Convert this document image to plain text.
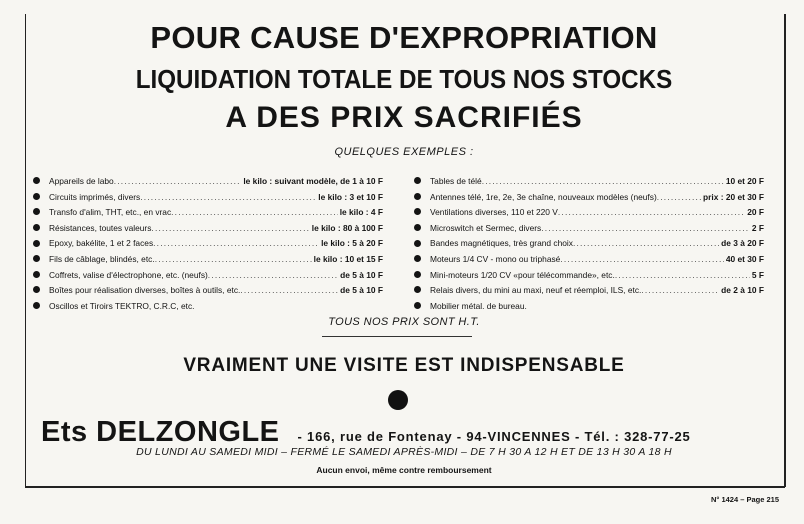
POUR CAUSE D'EXPROPRIATION
LIQUIDATION TOTALE DE TOUS NOS STOCKS
A DES PRIX SACRIFIÉS
QUELQUES EXEMPLES :
Appareils de labo .....	le kilo : suivant modèle, de 1 à 10 F
Circuits imprimés, divers .....	le kilo : 3 et 10 F
Transfo d'alim, THT, etc., en vrac .....	le kilo : 4 F
Résistances, toutes valeurs .....	le kilo : 80 à 100 F
Epoxy, bakélite, 1 et 2 faces .....	le kilo : 5 à 20 F
Fils de câblage, blindés, etc. .....	le kilo : 10 et 15 F
Coffrets, valise d'électrophone, etc. (neufs) .....	de 5 à 10 F
Boîtes pour réalisation diverses, boîtes à outils, etc. .....	de 5 à 10 F
Oscillos et Tiroirs TEKTRO, C.R.C, etc.
Tables de télé .....	10 et 20 F
Antennes télé, 1re, 2e, 3e chaîne, nouveaux modèles (neufs) .....	prix : 20 et 30 F
Ventilations diverses, 110 et 220 V .....	20 F
Microswitch et Sermec, divers .....	2 F
Bandes magnétiques, très grand choix .....	de 3 à 20 F
Moteurs 1/4 CV - mono ou triphasé .....	40 et 30 F
Mini-moteurs 1/20 CV «pour télécommande», etc. .....	5 F
Relais divers, du mini au maxi, neuf et réemploi, ILS, etc. .....	de 2 à 10 F
Mobilier métal. de bureau.
TOUS NOS PRIX SONT H.T.
VRAIMENT UNE VISITE EST INDISPENSABLE
Ets DELZONGLE - 166, rue de Fontenay - 94-VINCENNES - Tél. : 328-77-25
DU LUNDI AU SAMEDI MIDI – FERMÉ LE SAMEDI APRÈS-MIDI – DE 7 H 30 A 12 H ET DE 13 H 30 A 18 H
Aucun envoi, même contre remboursement
N° 1424 – Page 215
